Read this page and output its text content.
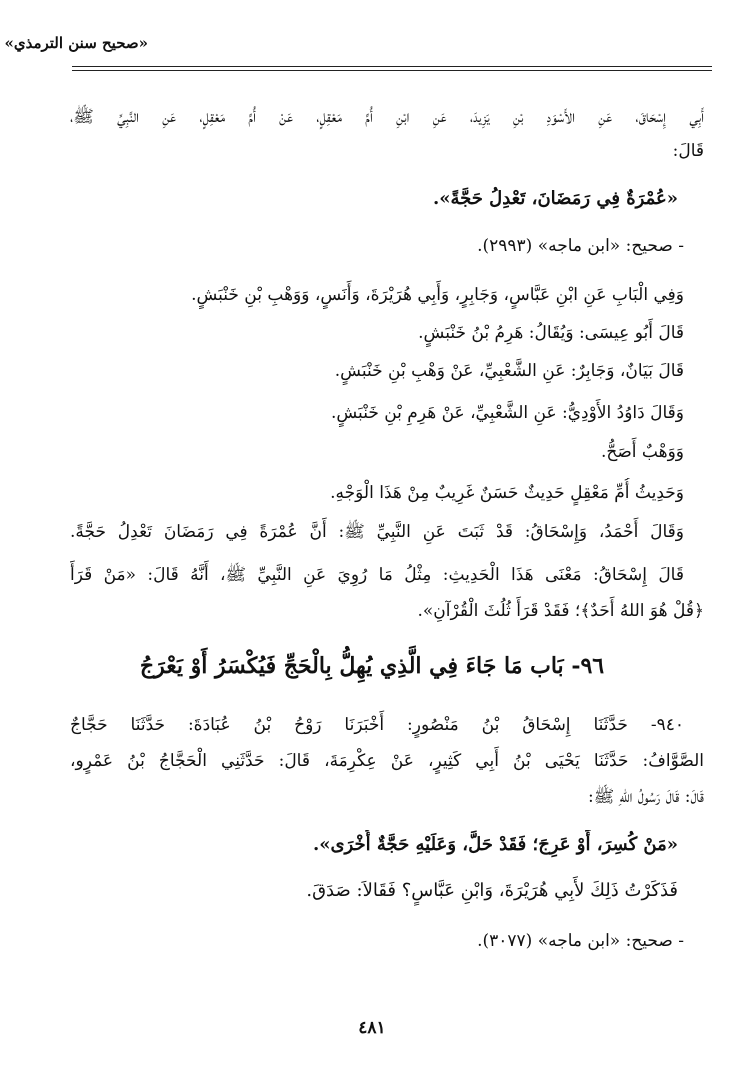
«صحيح سنن الترمذي»
أَبِي إِسْحَاقَ، عَنِ الأَسْوَدِ بْنِ يَزِيدَ، عَنِ ابْنِ أُمِّ مَعْقِلٍ، عَنْ أُمِّ مَعْقِلٍ، عَنِ النَّبِيِّ ﷺ،
قَالَ:
«عُمْرَةٌ فِي رَمَضَانَ، تَعْدِلُ حَجَّةً».
- صحيح: «ابن ماجه» (٢٩٩٣).
وَفِي الْبَابِ عَنِ ابْنِ عَبَّاسٍ، وَجَابِرٍ، وَأَبِي هُرَيْرَةَ، وَأَنَسٍ، وَوَهْبِ بْنِ خَنْبَشٍ.
قَالَ أَبُو عِيسَى: وَيُقَالُ: هَرِمُ بْنُ خَنْبَشٍ.
قَالَ بَيَانٌ، وَجَابِرٌ: عَنِ الشَّعْبِيِّ، عَنْ وَهْبِ بْنِ خَنْبَشٍ.
وَقَالَ دَاوُدُ الأَوْدِيُّ: عَنِ الشَّعْبِيِّ، عَنْ هَرِمِ بْنِ خَنْبَشٍ.
وَوَهْبٌ أَصَحُّ.
وَحَدِيثُ أُمِّ مَعْقِلٍ حَدِيثٌ حَسَنٌ غَرِيبٌ مِنْ هَذَا الْوَجْهِ.
وَقَالَ أَحْمَدُ، وَإِسْحَاقُ: قَدْ ثَبَتَ عَنِ النَّبِيِّ ﷺ: أَنَّ عُمْرَةً فِي رَمَضَانَ تَعْدِلُ حَجَّةً.
قَالَ إِسْحَاقُ: مَعْنَى هَذَا الْحَدِيثِ: مِثْلُ مَا رُوِيَ عَنِ النَّبِيِّ ﷺ، أَنَّهُ قَالَ: «مَنْ قَرَأَ
﴿قُلْ هُوَ اللهُ أَحَدٌ﴾؛ فَقَدْ قَرَأَ ثُلُثَ الْقُرْآنِ».
٩٦- بَاب مَا جَاءَ فِي الَّذِي يُهِلُّ بِالْحَجِّ فَيُكْسَرُ أَوْ يَعْرَجُ
٩٤٠- حَدَّثَنَا إِسْحَاقُ بْنُ مَنْصُورٍ: أَخْبَرَنَا رَوْحُ بْنُ عُبَادَةَ: حَدَّثَنَا حَجَّاجٌ
الصَّوَّافُ: حَدَّثَنَا يَحْيَى بْنُ أَبِي كَثِيرٍ، عَنْ عِكْرِمَةَ، قَالَ: حَدَّثَنِي الْحَجَّاجُ بْنُ عَمْرٍو،
قَالَ: قَالَ رَسُولُ اللهِ ﷺ:
«مَنْ كُسِرَ، أَوْ عَرِجَ؛ فَقَدْ حَلَّ، وَعَلَيْهِ حَجَّةٌ أُخْرَى».
فَذَكَرْتُ ذَلِكَ لأَبِي هُرَيْرَةَ، وَابْنِ عَبَّاسٍ؟ فَقَالاَ: صَدَقَ.
- صحيح: «ابن ماجه» (٣٠٧٧).
٤٨١
